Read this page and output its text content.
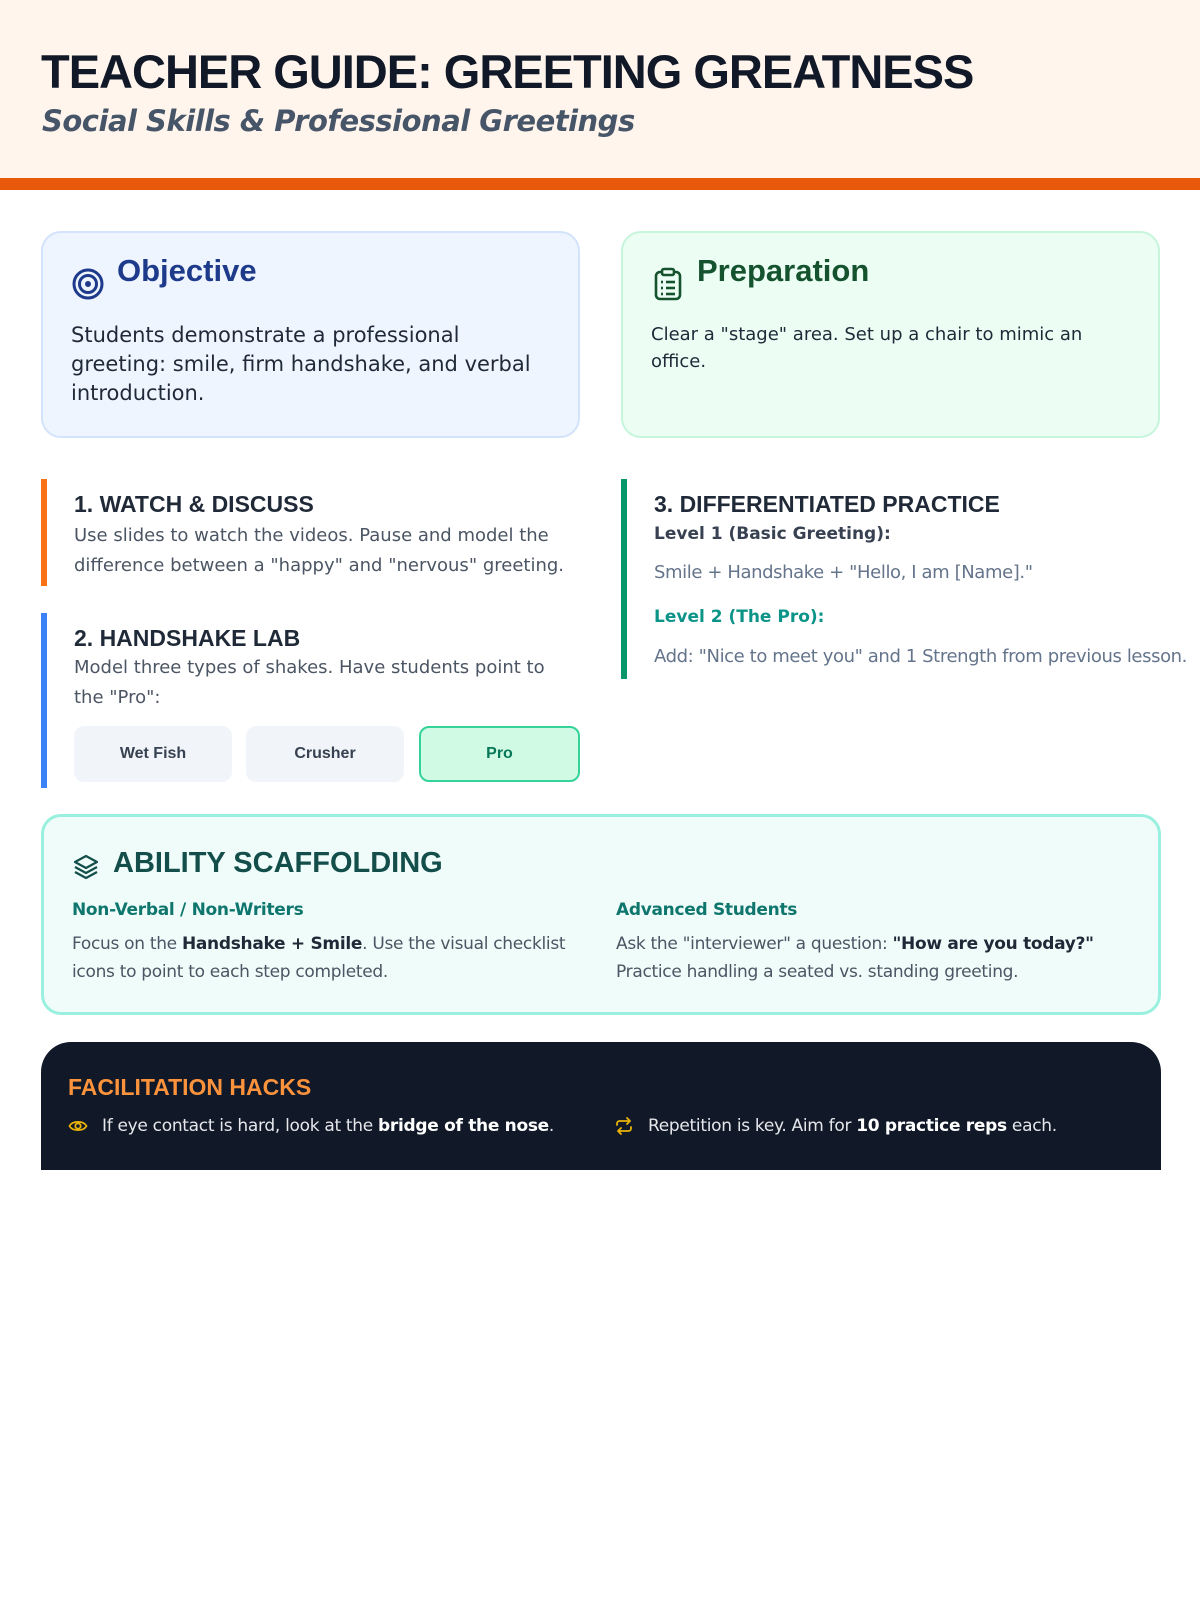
TEACHER GUIDE: GREETING GREATNESS
Social Skills & Professional Greetings
Objective
Students demonstrate a professional greeting: smile, firm handshake, and verbal introduction.
Preparation
Clear a "stage" area. Set up a chair to mimic an office.
1. WATCH & DISCUSS
Use slides to watch the videos. Pause and model the difference between a "happy" and "nervous" greeting.
2. HANDSHAKE LAB
Model three types of shakes. Have students point to the "Pro":
Wet Fish	Crusher	Pro
3. DIFFERENTIATED PRACTICE
Level 1 (Basic Greeting):
Smile + Handshake + "Hello, I am [Name]."
Level 2 (The Pro):
Add: "Nice to meet you" and 1 Strength from previous lesson.
ABILITY SCAFFOLDING
Non-Verbal / Non-Writers
Focus on the Handshake + Smile. Use the visual checklist icons to point to each step completed.
Advanced Students
Ask the "interviewer" a question: "How are you today?" Practice handling a seated vs. standing greeting.
FACILITATION HACKS
If eye contact is hard, look at the bridge of the nose.	Repetition is key. Aim for 10 practice reps each.
